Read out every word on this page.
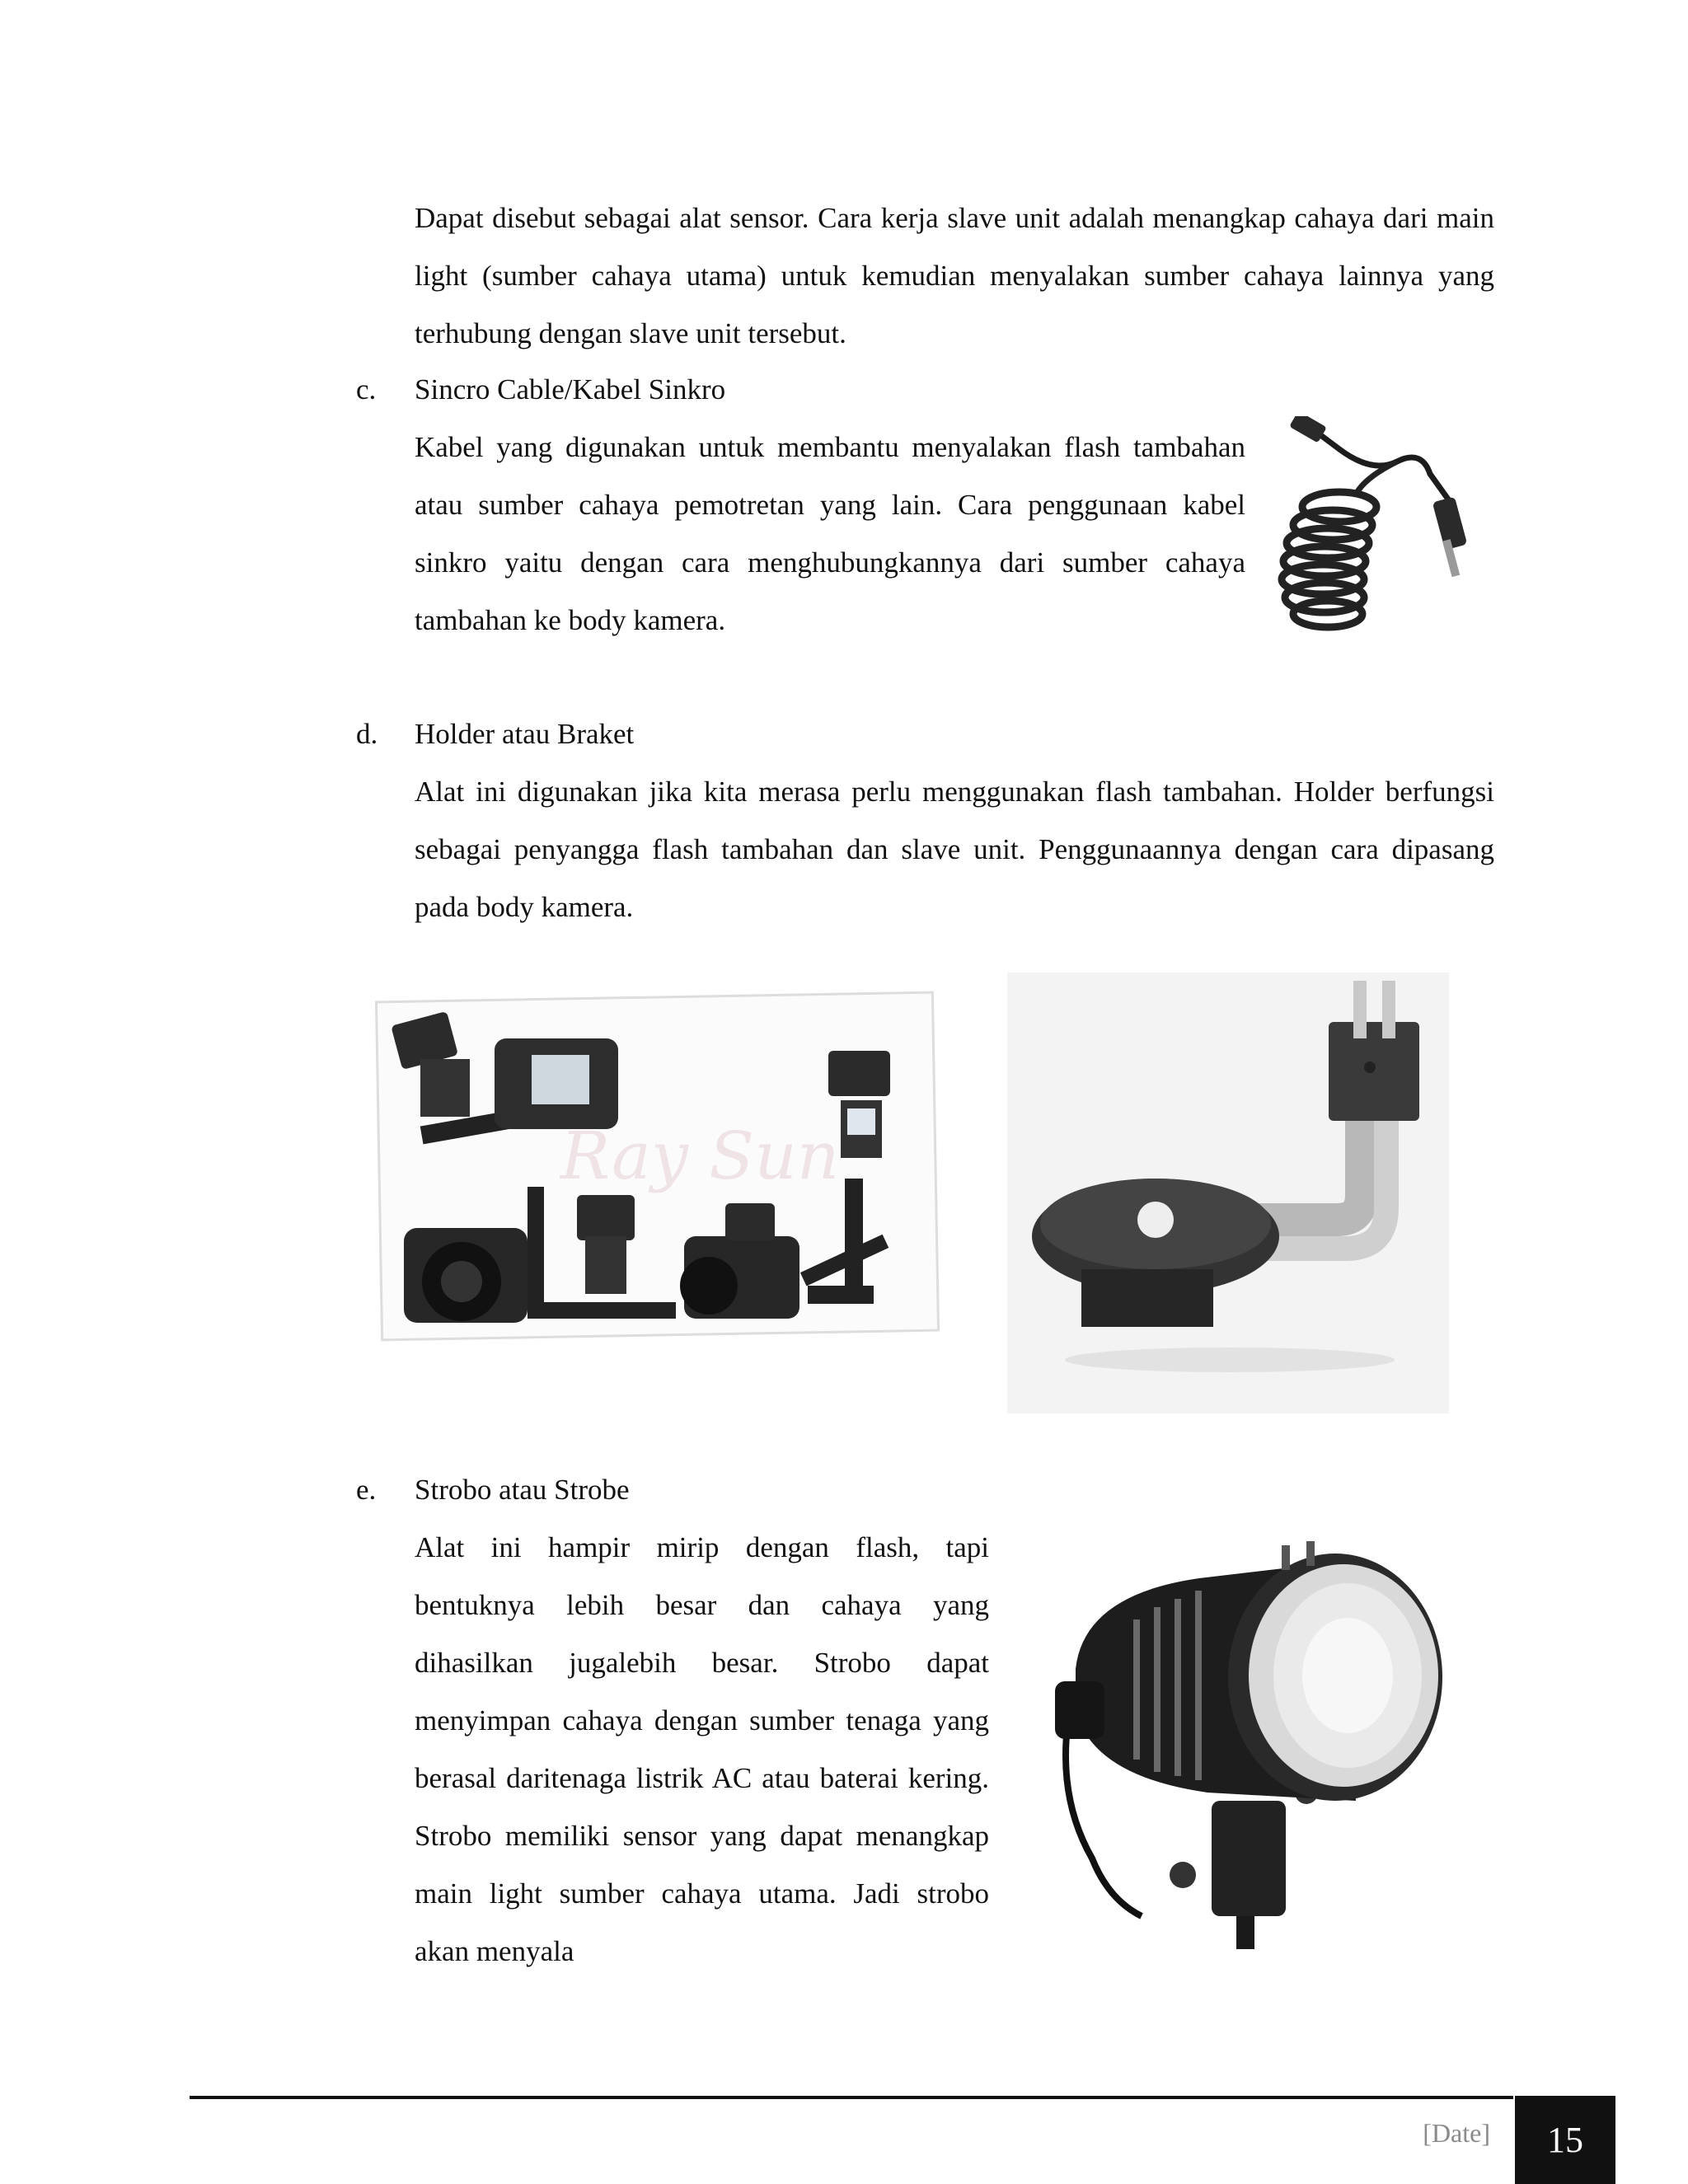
Dapat disebut sebagai alat sensor. Cara kerja slave unit adalah menangkap cahaya dari main light (sumber cahaya utama) untuk kemudian menyalakan sumber cahaya lainnya yang terhubung dengan slave unit tersebut.

c. Sincro Cable/Kabel Sinkro

Kabel yang digunakan untuk membantu menyalakan flash tambahan atau sumber cahaya pemotretan yang lain. Cara penggunaan kabel sinkro yaitu dengan cara menghubungkannya dari sumber cahaya tambahan ke body kamera.

d. Holder atau Braket

Alat ini digunakan jika kita merasa perlu menggunakan flash tambahan. Holder berfungsi sebagai penyangga flash tambahan dan slave unit. Penggunaannya dengan cara dipasang pada body kamera.

Ray Sun
e. Strobo atau Strobe

Alat ini hampir mirip dengan flash, tapi bentuknya lebih besar dan cahaya yang dihasilkan jugalebih besar. Strobo dapat menyimpan cahaya dengan sumber tenaga yang berasal daritenaga listrik AC atau baterai kering. Strobo memiliki sensor yang dapat menangkap main light sumber cahaya utama. Jadi strobo akan menyala

[Date]	15
